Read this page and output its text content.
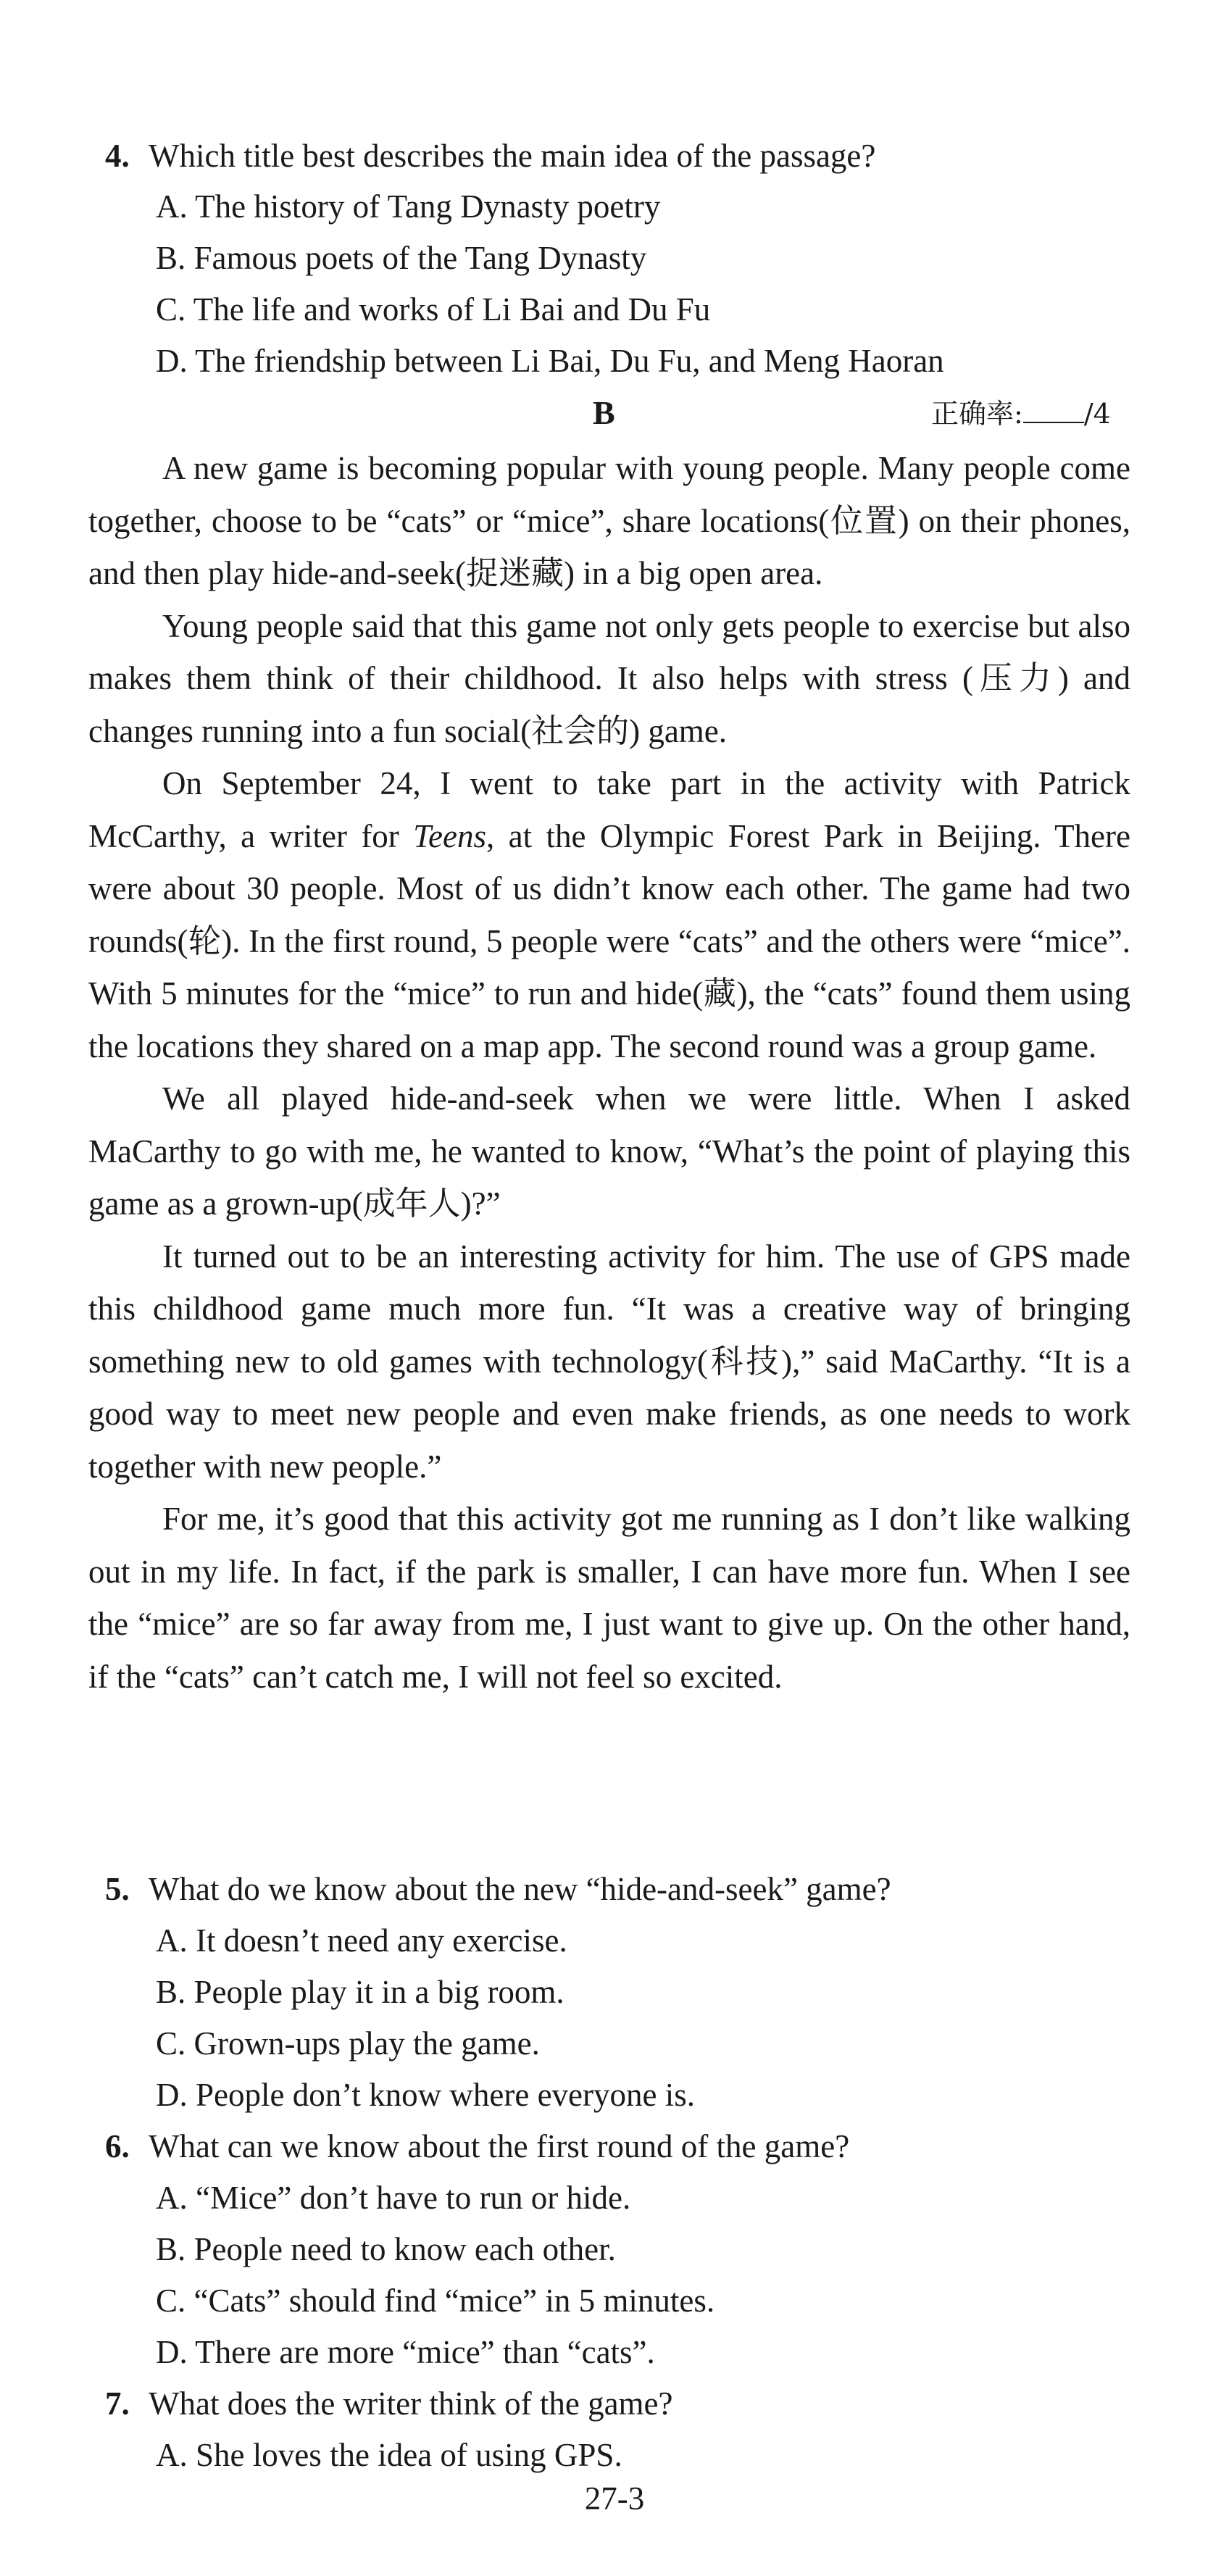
4. Which title best describes the main idea of the passage?
A. The history of Tang Dynasty poetry
B. Famous poets of the Tang Dynasty
C. The life and works of Li Bai and Du Fu
D. The friendship between Li Bai, Du Fu, and Meng Haoran
B	正确率: /4

A new game is becoming popular with young people. Many people come together, choose to be “cats” or “mice”, share locations(位置) on their phones, and then play hide-and-seek(捉迷藏) in a big open area.

Young people said that this game not only gets people to exercise but also makes them think of their childhood. It also helps with stress (压力) and changes running into a fun social(社会的) game.

On September 24, I went to take part in the activity with Patrick McCarthy, a writer for Teens, at the Olympic Forest Park in Beijing. There were about 30 people. Most of us didn’t know each other. The game had two rounds(轮). In the first round, 5 people were “cats” and the others were “mice”. With 5 minutes for the “mice” to run and hide(藏), the “cats” found them using the locations they shared on a map app. The second round was a group game.

We all played hide-and-seek when we were little. When I asked MaCarthy to go with me, he wanted to know, “What’s the point of playing this game as a grown-up(成年人)?”

It turned out to be an interesting activity for him. The use of GPS made this childhood game much more fun. “It was a creative way of bringing something new to old games with technology(科技),” said MaCarthy. “It is a good way to meet new people and even make friends, as one needs to work together with new people.”

For me, it’s good that this activity got me running as I don’t like walking out in my life. In fact, if the park is smaller, I can have more fun. When I see the “mice” are so far away from me, I just want to give up. On the other hand, if the “cats” can’t catch me, I will not feel so excited.

5. What do we know about the new “hide-and-seek” game?
A. It doesn’t need any exercise.
B. People play it in a big room.
C. Grown-ups play the game.
D. People don’t know where everyone is.
6. What can we know about the first round of the game?
A. “Mice” don’t have to run or hide.
B. People need to know each other.
C. “Cats” should find “mice” in 5 minutes.
D. There are more “mice” than “cats”.
7. What does the writer think of the game?
A. She loves the idea of using GPS.
27-3
